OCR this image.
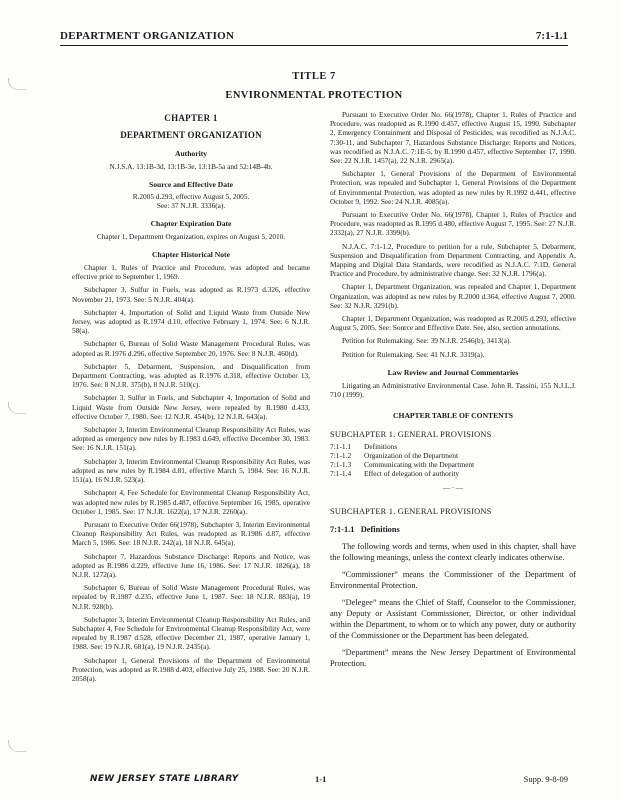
DEPARTMENT ORGANIZATION	7:1-1.1
TITLE 7
ENVIRONMENTAL PROTECTION
CHAPTER 1
DEPARTMENT ORGANIZATION
Authority
N.J.S.A. 13:1B-3d, 13:1B-3e, 13:1B-5a and 52:14B-4b.
Source and Effective Date
R.2005 d.293, effective August 5, 2005.
See: 37 N.J.R. 3336(a).
Chapter Expiration Date
Chapter 1, Department Organization, expires on August 5, 2010.
Chapter Historical Note

Chapter 1, Rules of Practice and Procedure, was adopted and became effective prior to September 1, 1969.

Subchapter 3, Sulfur in Fuels, was adopted as R.1973 d.326, effective November 21, 1973. See: 5 N.J.R. 404(a).

Subchapter 4, Importation of Solid and Liquid Waste from Outside New Jersey, was adopted as R.1974 d.10, effective February 1, 1974. See: 6 N.J.R. 58(a).

Subchapter 6, Bureau of Solid Waste Management Procedural Rules, was adopted as R.1976 d.296, effective September 20, 1976. See: 8 N.J.R. 460(d).

Subchapter 5, Debarment, Suspension, and Disqualification from Department Contracting, was adopted as R.1976 d.318, effective October 13, 1976. See: 8 N.J.R. 375(b), 8 N.J.R. 510(c).

Subchapter 3, Sulfur in Fuels, and Subchapter 4, Importation of Solid and Liquid Waste from Outside New Jersey, were repealed by R.1980 d.433, effective October 7, 1980. See: 12 N.J.R. 454(b), 12 N.J.R. 643(a).

Subchapter 3, Interim Environmental Cleanup Responsibility Act Rules, was adopted as emergency new rules by R.1983 d.649, effective December 30, 1983. See: 16 N.J.R. 151(a).

Subchapter 3, Interim Environmental Cleanup Responsibility Act Rules, was adopted as new rules by R.1984 d.81, effective March 5, 1984. See: 16 N.J.R. 151(a), 16 N.J.R. 523(a).

Subchapter 4, Fee Schedule for Environmental Cleanup Responsibility Act, was adopted new rules by R.1985 d.487, effective September 16, 1985, operative October 1, 1985. See: 17 N.J.R. 1622(a), 17 N.J.R. 2260(a).

Pursuant to Executive Order 66(1978), Subchapter 3, Interim Environmental Cleanup Responsibility Act Rules, was readopted as R.1986 d.87, effective March 5, 1986. See: 18 N.J.R. 242(a), 18 N.J.R. 645(a).

Subchapter 7, Hazardous Substance Discharge: Reports and Notice, was adopted as R.1986 d.229, effective June 16, 1986. See: 17 N.J.R. 1826(a), 18 N.J.R. 1272(a).

Subchapter 6, Bureau of Solid Waste Management Procedural Rules, was repealed by R.1987 d.235, effective June 1, 1987. See: 18 N.J.R. 883(a), 19 N.J.R. 928(b).

Subchapter 3, Interim Environmental Cleanup Responsibility Act Rules, and Subchapter 4, Fee Schedule for Environmental Cleanup Responsibility Act, were repealed by R.1987 d.528, effective December 21, 1987, operative January 1, 1988. See: 19 N.J.R. 681(a), 19 N.J.R. 2435(a).

Subchapter 1, General Provisions of the Department of Environmental Protection, was adopted as R.1988 d.403, effective July 25, 1988. See: 20 N.J.R. 2058(a).

Pursuant to Executive Order No. 66(1978), Chapter 1, Rules of Practice and Procedure, was readopted as R.1990 d.457, effective August 15, 1990. Subchapter 2, Emergency Containment and Disposal of Pesticides, was recodified as N.J.A.C. 7:30-11, and Subchapter 7, Hazardous Substance Discharge: Reports and Notices, was recodified as N.J.A.C. 7:1E-5, by R.1990 d.457, effective September 17, 1990. See: 22 N.J.R. 1457(a), 22 N.J.R. 2965(a).

Subchapter 1, General Provisions of the Department of Environmental Protection, was repealed and Subchapter 1, General Provisions of the Department of Environmental Protection, was adopted as new rules by R.1992 d.441, effective October 9, 1992. See: 24 N.J.R. 4085(a).

Pursuant to Executive Order No. 66(1978), Chapter 1, Rules of Practice and Procedure, was readopted as R.1995 d.480, effective August 7, 1995. See: 27 N.J.R. 2332(a), 27 N.J.R. 3399(b).

N.J.A.C. 7:1-1.2, Procedure to petition for a rule, Subchapter 5, Debarment, Suspension and Disqualification from Department Contracting, and Appendix A, Mapping and Digital Data Standards, were recodified as N.J.A.C. 7:1D, General Practice and Procedure, by administrative change. See: 32 N.J.R. 1796(a).

Chapter 1, Department Organization, was repealed and Chapter 1, Department Organization, was adopted as new rules by R.2000 d.364, effective August 7, 2000. See: 32 N.J.R. 3291(b).

Chapter 1, Department Organization, was readopted as R.2005 d.293, effective August 5, 2005. See: Source and Effective Date. See, also, section annotations.

Petition for Rulemaking. See: 39 N.J.R. 2546(b), 3413(a).

Petition for Rulemaking. See: 41 N.J.R. 3319(a).

Law Review and Journal Commentaries

Litigating an Administrative Environmental Case. John R. Tassini, 155 N.J.L.J. 710 (1999).

CHAPTER TABLE OF CONTENTS
SUBCHAPTER 1. GENERAL PROVISIONS
7:1-1.1	Definitions
7:1-1.2	Organization of the Department
7:1-1.3	Communicating with the Department
7:1-1.4	Effect of delegation of authority
— · —
SUBCHAPTER 1. GENERAL PROVISIONS
7:1-1.1 Definitions

The following words and terms, when used in this chapter, shall have the following meanings, unless the context clearly indicates otherwise.

“Commissioner” means the Commissioner of the Department of Environmental Protection.

“Delegee” means the Chief of Staff, Counselor to the Commissioner, any Deputy or Assistant Commissioner, Director, or other individual within the Department, to whom or to which any power, duty or authority of the Commissioner or the Department has been delegated.

“Department” means the New Jersey Department of Environmental Protection.

NEW JERSEY STATE LIBRARY	1-1	Supp. 9-8-09
